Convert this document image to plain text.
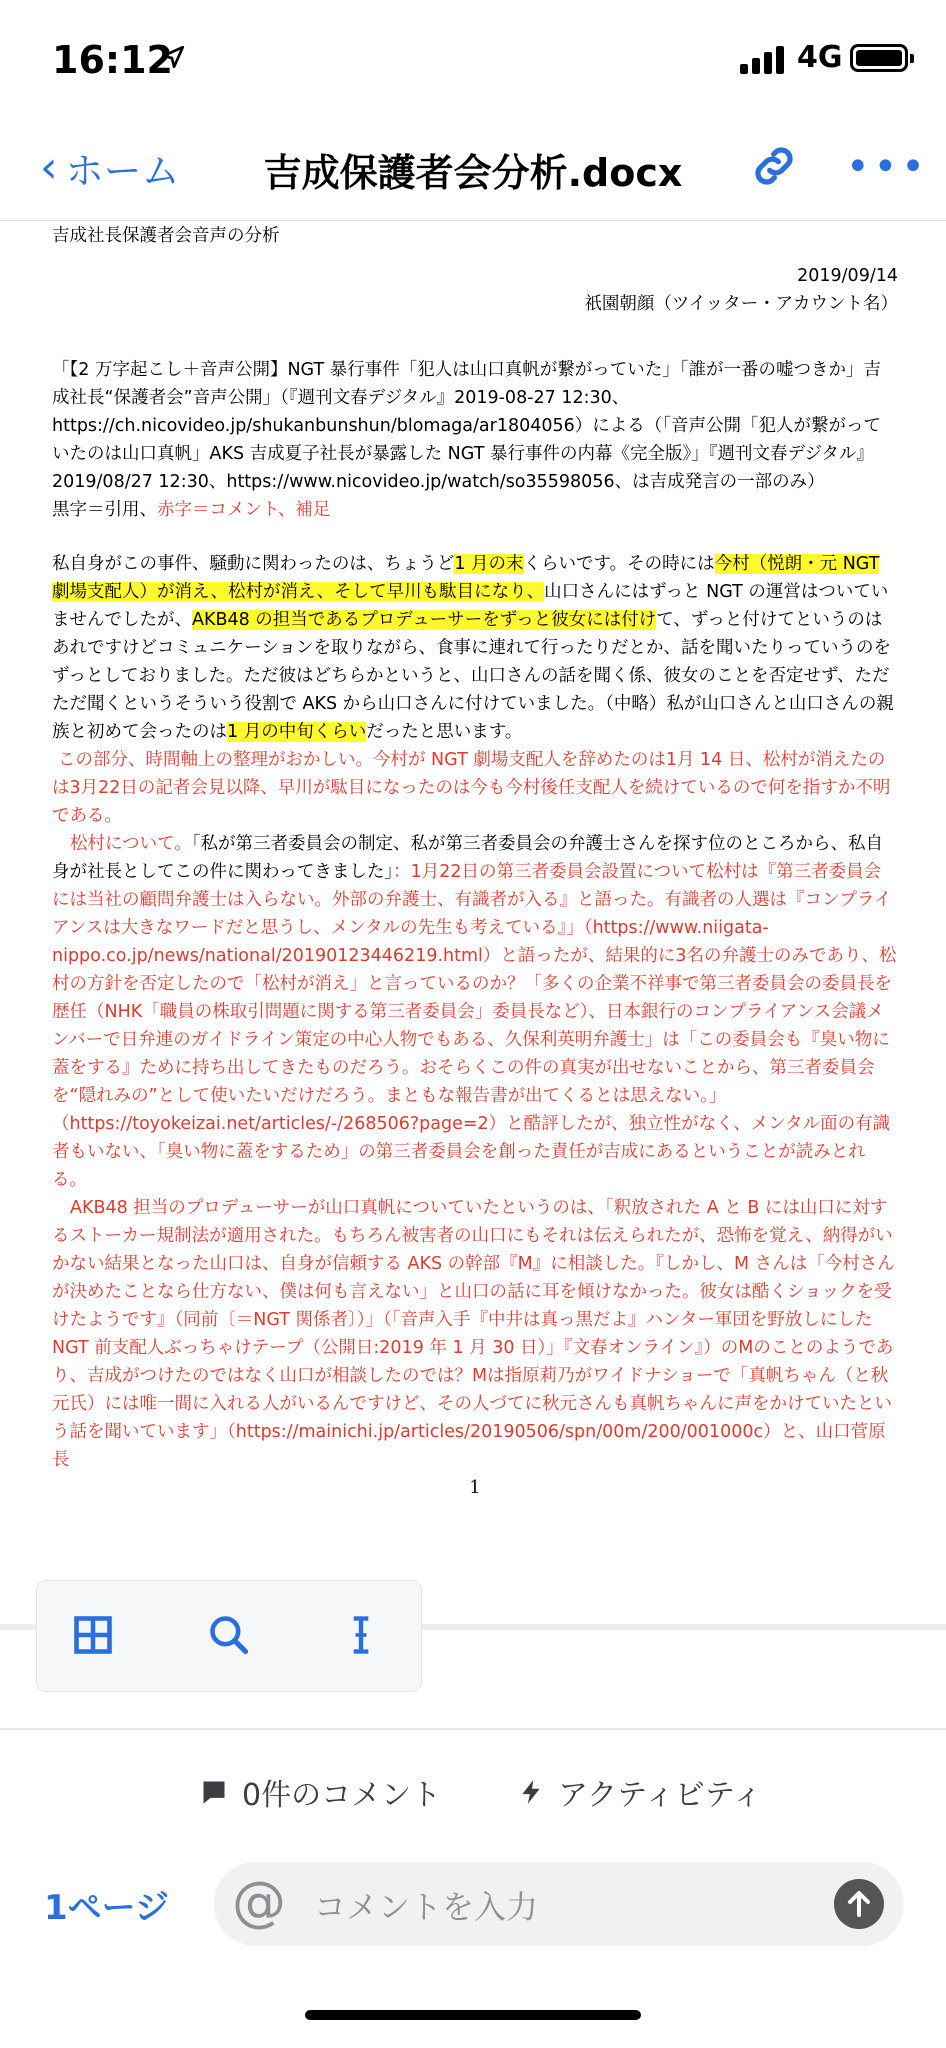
16:12	4G
‹ ホーム	吉成保護者会分析.docx	•••

吉成社長保護者会音声の分析

2019/09/14

祇園朝顔（ツイッター・アカウント名）

「【2 万字起こし＋音声公開】NGT 暴行事件「犯人は山口真帆が繋がっていた」「誰が一番の嘘つきか」吉成社長“保護者会”音声公開」（『週刊文春デジタル』2019-08-27 12:30、

https://ch.nicovideo.jp/shukanbunshun/blomaga/ar1804056）による（「音声公開「犯人が繋がっていたのは山口真帆」AKS 吉成夏子社長が暴露した NGT 暴行事件の内幕《完全版》」『週刊文春デジタル』

2019/08/27 12:30、https://www.nicovideo.jp/watch/so35598056、は吉成発言の一部のみ）

黒字＝引用、赤字＝コメント、補足

私自身がこの事件、騒動に関わったのは、ちょうど1 月の末くらいです。その時には今村（悦朗・元 NGT 劇場支配人）が消え、松村が消え、そして早川も駄目になり、山口さんにはずっと NGT の運営はついていませんでしたが、AKB48 の担当であるプロデューサーをずっと彼女には付けて、ずっと付けてというのはあれですけどコミュニケーションを取りながら、食事に連れて行ったりだとか、話を聞いたりっていうのをずっとしておりました。ただ彼はどちらかというと、山口さんの話を聞く係、彼女のことを否定せず、ただただ聞くというそういう役割で AKS から山口さんに付けていました。（中略）私が山口さんと山口さんの親族と初めて会ったのは1 月の中旬くらいだったと思います。

この部分、時間軸上の整理がおかしい。今村が NGT 劇場支配人を辞めたのは1月 14 日、松村が消えたのは3月22日の記者会見以降、早川が駄目になったのは今も今村後任支配人を続けているので何を指すか不明である。

松村について。「私が第三者委員会の制定、私が第三者委員会の弁護士さんを探す位のところから、私自身が社長としてこの件に関わってきました」：1月22日の第三者委員会設置について松村は『第三者委員会には当社の顧問弁護士は入らない。外部の弁護士、有識者が入る』と語った。有識者の人選は『コンプライアンスは大きなワードだと思うし、メンタルの先生も考えている』」（https://www.niigata-nippo.co.jp/news/national/20190123446219.html）と語ったが、結果的に3名の弁護士のみであり、松村の方針を否定したので「松村が消え」と言っているのか？「多くの企業不祥事で第三者委員会の委員長を歴任（NHK「職員の株取引問題に関する第三者委員会」委員長など）、日本銀行のコンプライアンス会議メンバーで日弁連のガイドライン策定の中心人物でもある、久保利英明弁護士」は「この委員会も『臭い物に蓋をする』ために持ち出してきたものだろう。おそらくこの件の真実が出せないことから、第三者委員会を“隠れみの”として使いたいだけだろう。まともな報告書が出てくるとは思えない。」（https://toyokeizai.net/articles/-/268506?page=2）と酷評したが、独立性がなく、メンタル面の有識者もいない、「臭い物に蓋をするため」の第三者委員会を創った責任が吉成にあるということが読みとれる。

AKB48 担当のプロデューサーが山口真帆についていたというのは、「釈放された A と B には山口に対するストーカー規制法が適用された。もちろん被害者の山口にもそれは伝えられたが、恐怖を覚え、納得がいかない結果となった山口は、自身が信頼する AKS の幹部『M』に相談した。『しかし、M さんは「今村さんが決めたことなら仕方ない、僕は何も言えない」と山口の話に耳を傾けなかった。彼女は酷くショックを受けたようです』（同前〔＝NGT 関係者〕）」（「音声入手『中井は真っ黒だよ』ハンター軍団を野放しにした NGT 前支配人ぶっちゃけテープ（公開日:2019 年 1 月 30 日）」『文春オンライン』）のMのことのようであり、吉成がつけたのではなく山口が相談したのでは？Mは指原莉乃がワイドナショーで「真帆ちゃん（と秋元氏）には唯一間に入れる人がいるんですけど、その人づてに秋元さんも真帆ちゃんに声をかけていたという話を聞いています」（https://mainichi.jp/articles/20190506/spn/00m/200/001000c）と、山口菅原長

1

0件のコメント	アクティビティ
1ページ @ コメントを入力
